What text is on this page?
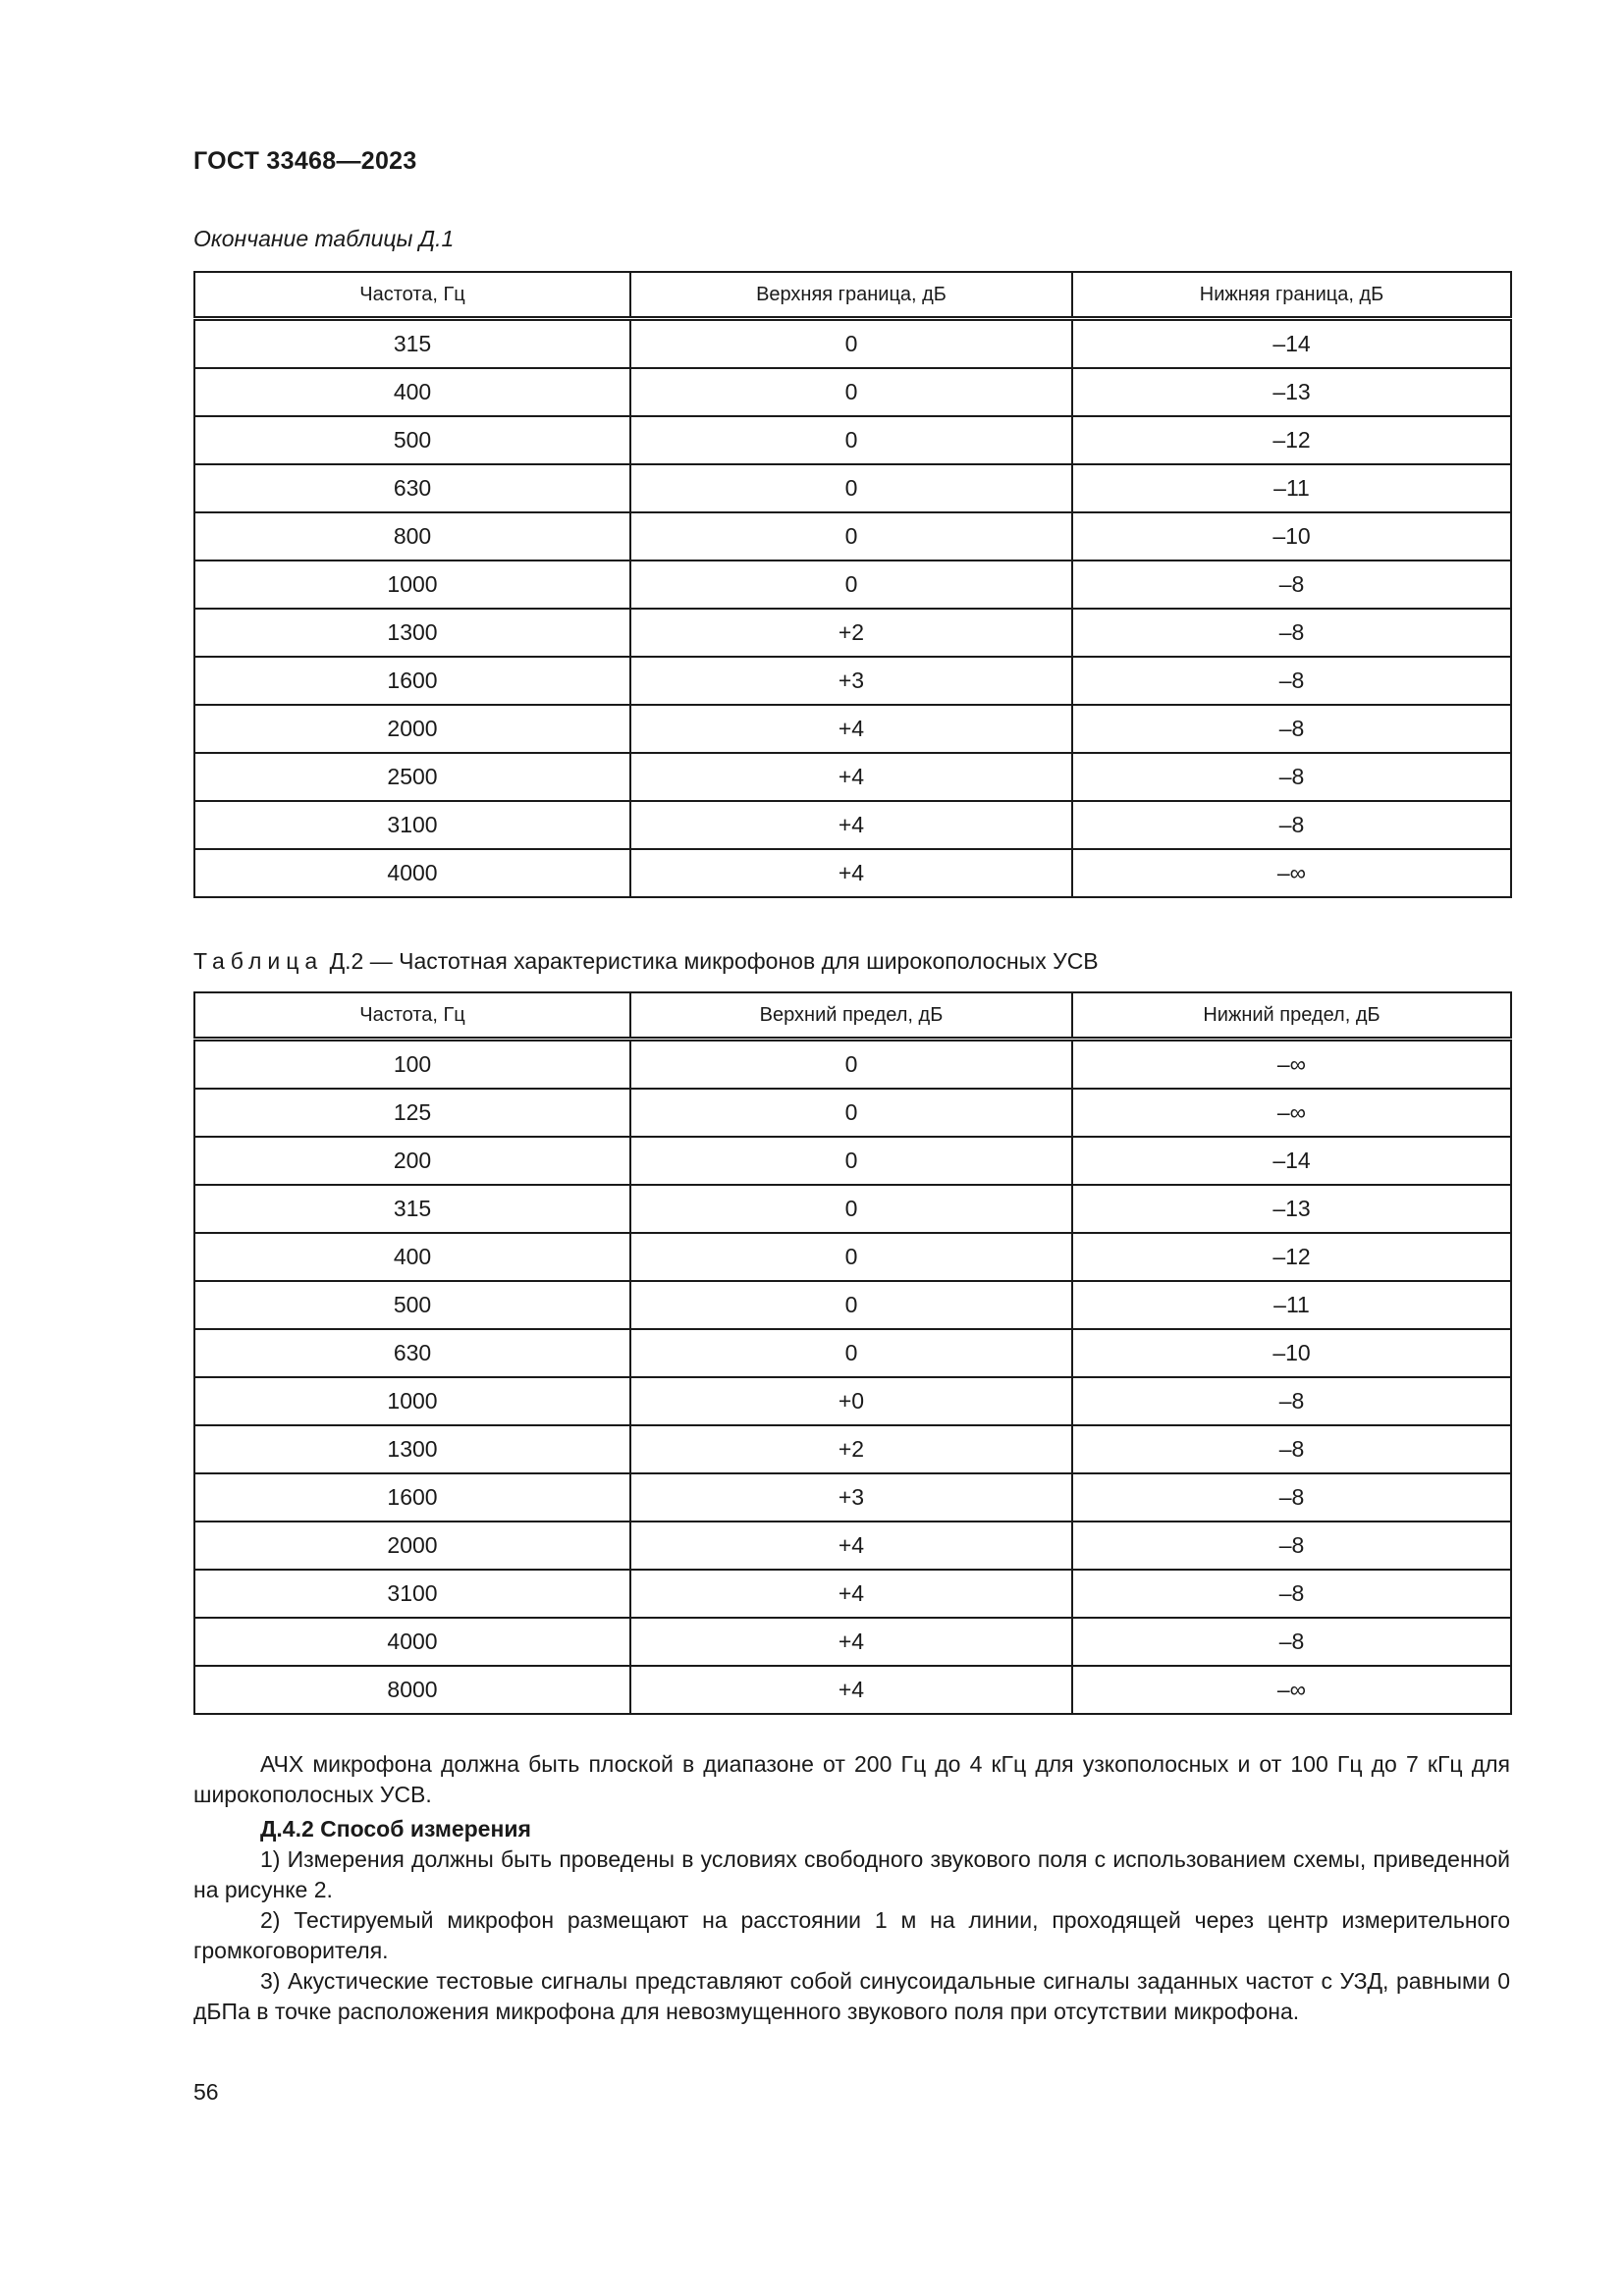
ГОСТ 33468—2023
Окончание таблицы Д.1
Частота, Гц	Верхняя граница, дБ	Нижняя граница, дБ
315	0	–14
400	0	–13
500	0	–12
630	0	–11
800	0	–10
1000	0	–8
1300	+2	–8
1600	+3	–8
2000	+4	–8
2500	+4	–8
3100	+4	–8
4000	+4	–∞
Таблица Д.2 — Частотная характеристика микрофонов для широкополосных УСВ
Частота, Гц	Верхний предел, дБ	Нижний предел, дБ
100	0	–∞
125	0	–∞
200	0	–14
315	0	–13
400	0	–12
500	0	–11
630	0	–10
1000	+0	–8
1300	+2	–8
1600	+3	–8
2000	+4	–8
3100	+4	–8
4000	+4	–8
8000	+4	–∞

АЧХ микрофона должна быть плоской в диапазоне от 200 Гц до 4 кГц для узкополосных и от 100 Гц до 7 кГц для широкополосных УСВ.

Д.4.2 Способ измерения

1) Измерения должны быть проведены в условиях свободного звукового поля с использованием схемы, приведенной на рисунке 2.

2) Тестируемый микрофон размещают на расстоянии 1 м на линии, проходящей через центр измерительного громкоговорителя.

3) Акустические тестовые сигналы представляют собой синусоидальные сигналы заданных частот с УЗД, равными 0 дБПа в точке расположения микрофона для невозмущенного звукового поля при отсутствии микрофона.

56
